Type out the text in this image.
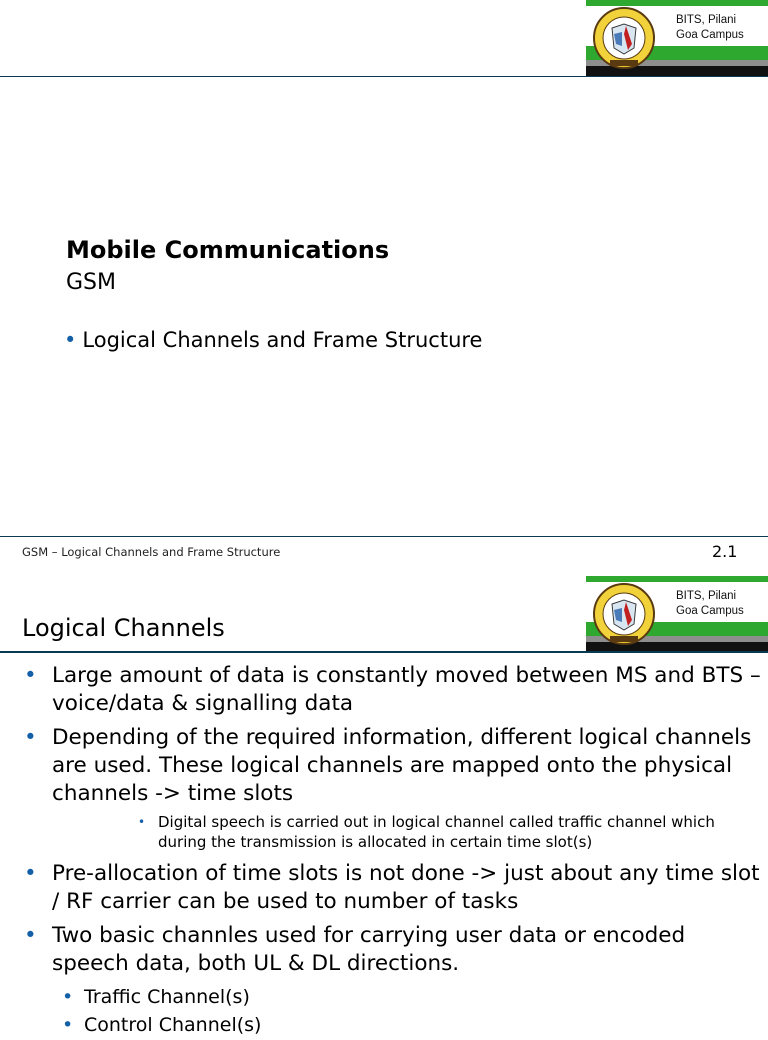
BITS, Pilani
Goa Campus
Mobile Communications
GSM
• Logical Channels and Frame Structure
GSM – Logical Channels and Frame Structure	2.1
BITS, Pilani
Goa Campus
Logical Channels
• Large amount of data is constantly moved between MS and BTS – voice/data & signalling data
• Depending of the required information, different logical channels are used. These logical channels are mapped onto the physical channels -> time slots
• Digital speech is carried out in logical channel called traffic channel which during the transmission is allocated in certain time slot(s)
• Pre-allocation of time slots is not done -> just about any time slot / RF carrier can be used to number of tasks
• Two basic channles used for carrying user data or encoded speech data, both UL & DL directions.
• Traffic Channel(s)
• Control Channel(s)
